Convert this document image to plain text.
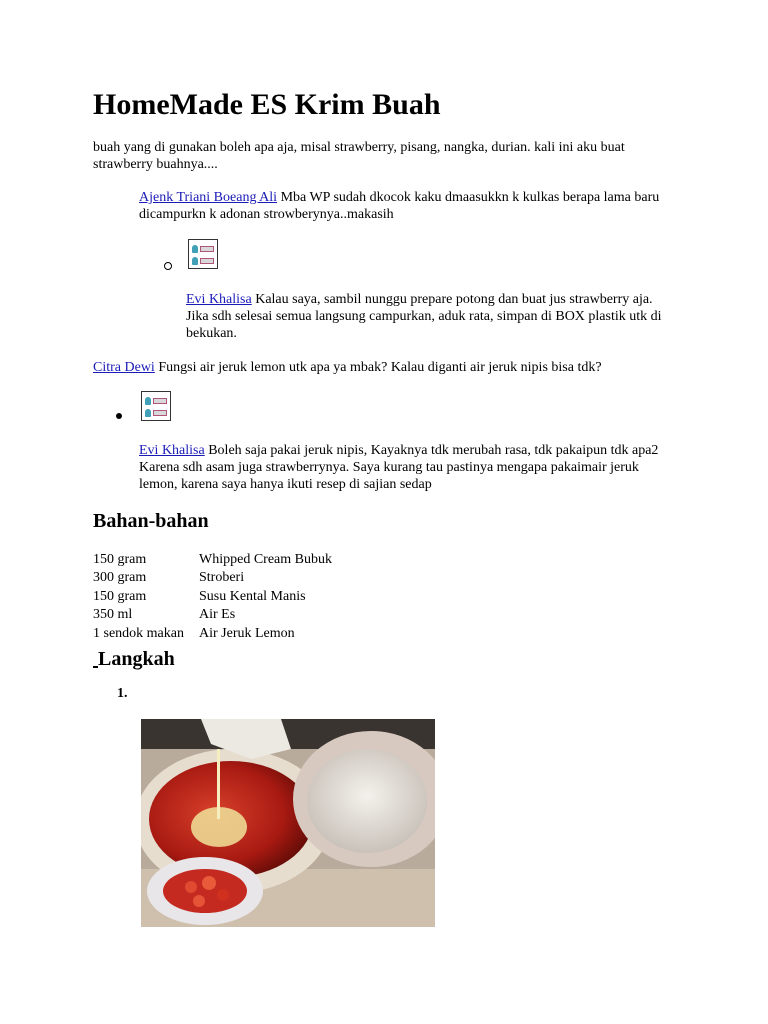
HomeMade ES Krim Buah

buah yang di gunakan boleh apa aja, misal strawberry, pisang, nangka, durian. kali ini aku buat strawberry buahnya....

Ajenk Triani Boeang Ali Mba WP sudah dkocok kaku dmaasukkn k kulkas berapa lama baru dicampurkn k adonan strowberynya..makasih

Evi Khalisa Kalau saya, sambil nunggu prepare potong dan buat jus strawberry aja. Jika sdh selesai semua langsung campurkan, aduk rata, simpan di BOX plastik utk di bekukan.

Citra Dewi Fungsi air jeruk lemon utk apa ya mbak? Kalau diganti air jeruk nipis bisa tdk?

Evi Khalisa Boleh saja pakai jeruk nipis, Kayaknya tdk merubah rasa, tdk pakaipun tdk apa2 Karena sdh asam juga strawberrynya. Saya kurang tau pastinya mengapa pakaimair jeruk lemon, karena saya hanya ikuti resep di sajian sedap

Bahan-bahan
150 gram	Whipped Cream Bubuk
300 gram	Stroberi
150 gram	Susu Kental Manis
350 ml	Air Es
1 sendok makan Air Jeruk Lemon
Langkah
1.
